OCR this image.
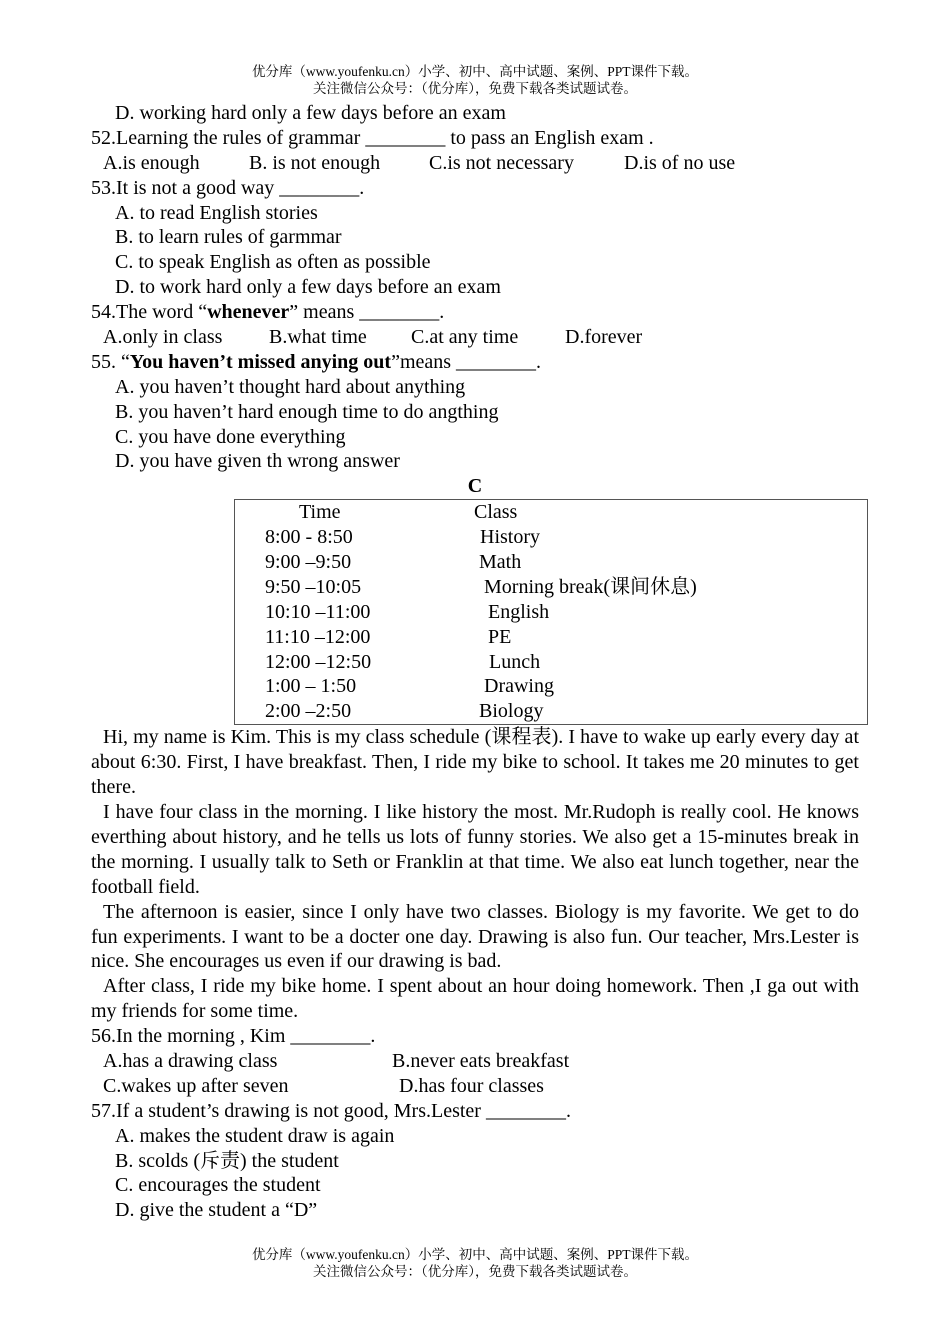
优分库（www.youfenku.cn）小学、初中、高中试题、案例、PPT课件下载。
关注微信公众号：（优分库），免费下载各类试题试卷。
D. working hard only a few days before an exam
52.Learning the rules of grammar ________ to pass an English exam .
A.is enough B. is not enough C.is not necessary	D.is of no use
53.It is not a good way ________.
A. to read English stories
B. to learn rules of garmmar
C. to speak English as often as possible
D. to work hard only a few days before an exam
54.The word “whenever” means ________.
A.only in class B.what time C.at any time D.forever
55. “You haven’t missed anying out”means ________.
A. you haven’t thought hard about anything
B. you haven’t hard enough time to do angthing
C. you have done everything
D. you have given th wrong answer
C
Time	Class
8:00 - 8:50	History
9:00 –9:50	Math
9:50 –10:05	Morning break(课间休息)
10:10 –11:00	English
11:10 –12:00	PE
12:00 –12:50	Lunch
1:00 – 1:50	Drawing
2:00 –2:50	Biology
Hi, my name is Kim. This is my class schedule (课程表). I have to wake up early every day at about 6:30. First, I have breakfast. Then, I ride my bike to school. It takes me 20 minutes to get there.
I have four class in the morning. I like history the most. Mr.Rudoph is really cool. He knows everthing about history, and he tells us lots of funny stories. We also get a 15-minutes break in the morning. I usually talk to Seth or Franklin at that time. We also eat lunch together, near the football field.
The afternoon is easier, since I only have two classes. Biology is my favorite. We get to do fun experiments. I want to be a docter one day. Drawing is also fun. Our teacher, Mrs.Lester is nice. She encourages us even if our drawing is bad.
After class, I ride my bike home. I spent about an hour doing homework. Then ,I ga out with my friends for some time.
56.In the morning , Kim ________.
A.has a drawing class	B.never eats breakfast
C.wakes up after seven	D.has four classes
57.If a student’s drawing is not good, Mrs.Lester ________.
A. makes the student draw is again
B. scolds (斥责) the student
C. encourages the student
D. give the student a “D”
优分库（www.youfenku.cn）小学、初中、高中试题、案例、PPT课件下载。
关注微信公众号：（优分库），免费下载各类试题试卷。
